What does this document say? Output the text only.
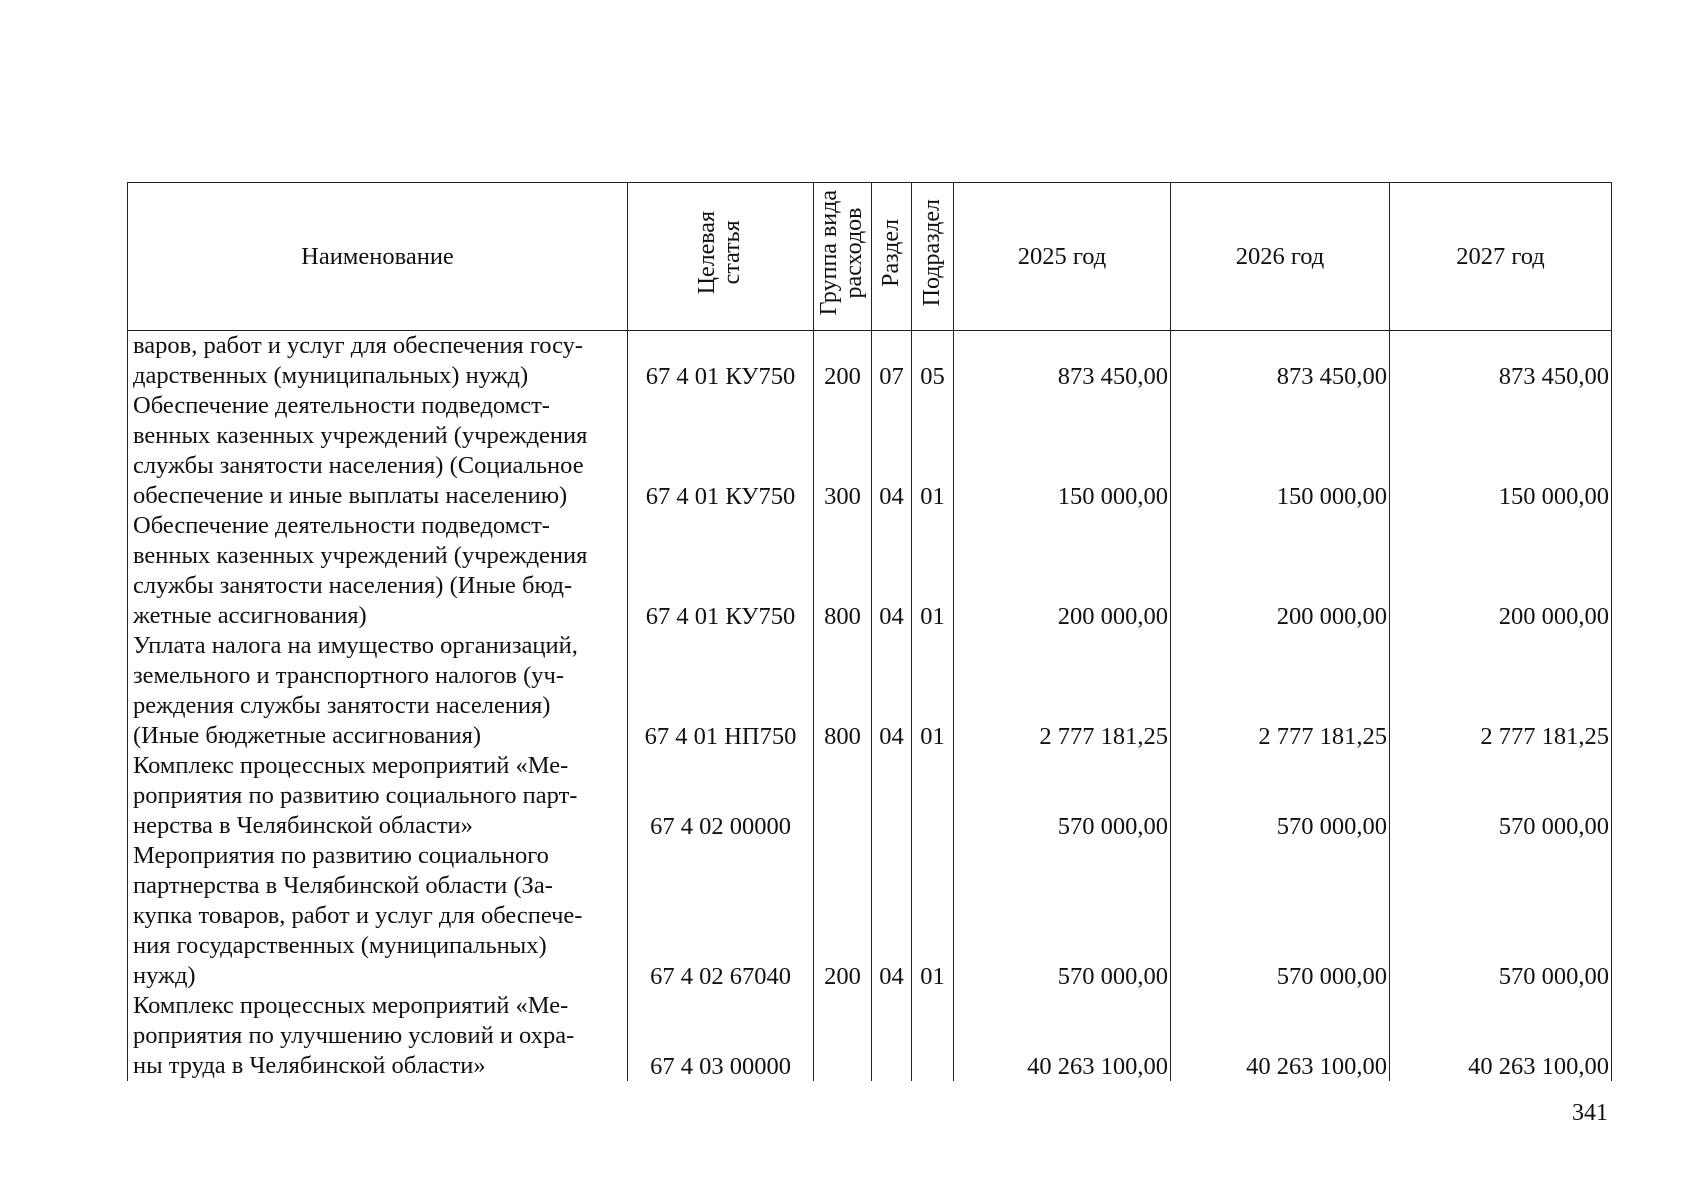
Наименование	Целевая статья	Группа вида расходов	Раздел	Подраздел	2025 год	2026 год	2027 год

варов, работ и услуг для обеспечения госу-
дарственных (муниципальных) нужд)	67 4 01 КУ750	200	07	05	873 450,00	873 450,00	873 450,00

Обеспечение деятельности подведомст-
венных казенных учреждений (учреждения
службы занятости населения) (Социальное
обеспечение и иные выплаты населению)	67 4 01 КУ750	300	04	01	150 000,00	150 000,00	150 000,00

Обеспечение деятельности подведомст-
венных казенных учреждений (учреждения
службы занятости населения) (Иные бюд-
жетные ассигнования)	67 4 01 КУ750	800	04	01	200 000,00	200 000,00	200 000,00

Уплата налога на имущество организаций,
земельного и транспортного налогов (уч-
реждения службы занятости населения)
(Иные бюджетные ассигнования)	67 4 01 НП750	800	04	01	2 777 181,25	2 777 181,25	2 777 181,25

Комплекс процессных мероприятий «Ме-
роприятия по развитию социального парт-
нерства в Челябинской области»	67 4 02 00000				570 000,00	570 000,00	570 000,00

Мероприятия по развитию социального
партнерства в Челябинской области (За-
купка товаров, работ и услуг для обеспече-
ния государственных (муниципальных)
нужд)	67 4 02 67040	200	04	01	570 000,00	570 000,00	570 000,00

Комплекс процессных мероприятий «Ме-
роприятия по улучшению условий и охра-
ны труда в Челябинской области»	67 4 03 00000				40 263 100,00	40 263 100,00	40 263 100,00
341
